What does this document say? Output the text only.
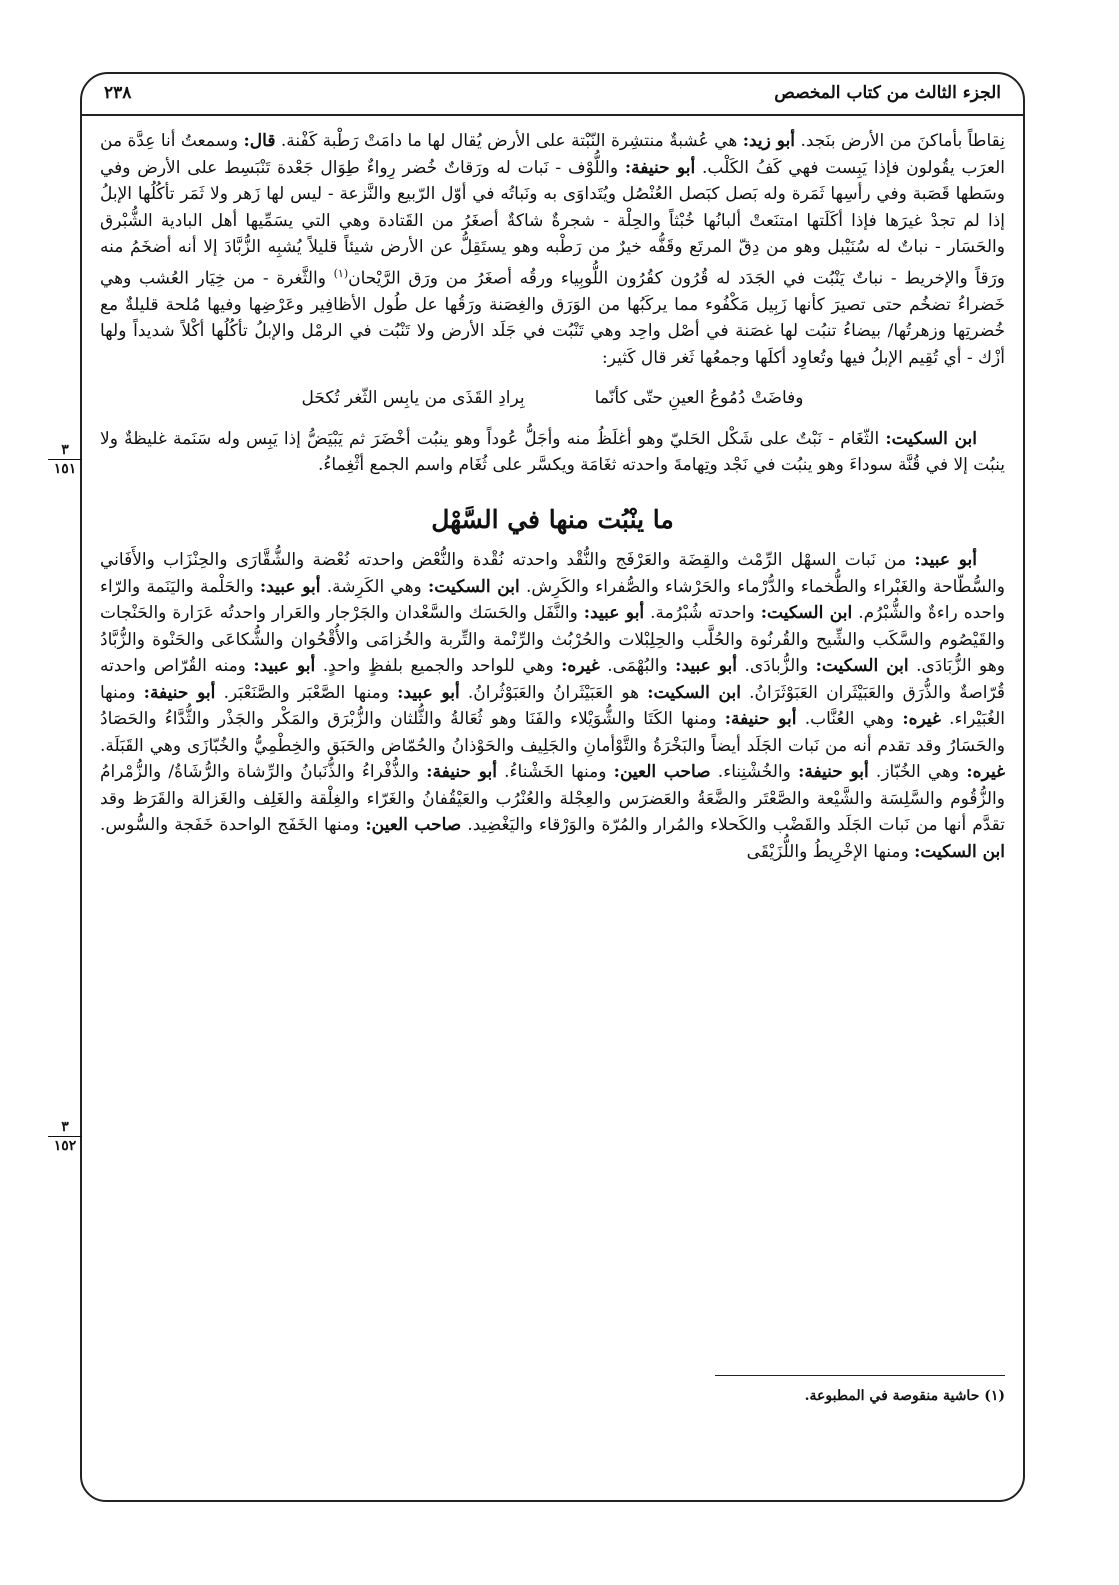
الجزء الثالث من كتاب المخصص
٢٣٨
٣
١٥١
٣
١٥٢

نِقاطاً بأماكنَ من الأرض بنَجد. أبو زيد: هي عُشبةٌ منتشِرة النّبْتة على الأرض يُقال لها ما دامَتْ رَطْبة كَفْنة. قال: وسمعتُ أنا عِدَّة من العرَب يقُولون فإذا يَبِست فهي كَفُ الكَلْب. أبو حنيفة: واللُّوْف - نَبات له ورَقاتٌ خُضر رِواءٌ طِوَال جَعْدة تَنْبَسِط على الأرض وفي وسَطها قَصَبة وفي رأسِها ثَمَرة وله بَصل كبَصل العُنْصُل ويُتَداوَى به ونَباتُه في أوّل الرّبيع والنَّزعة - ليس لها زَهر ولا ثَمَر تأكُلُها الإبلُ إذا لم تجدْ غيرَها فإذا أكَلَتها امتنَعتْ ألبانُها خُبْثاً والحِلْة - شجرةٌ شاكةٌ أصغَرُ من القَتادة وهي التي يسَمِّيها أهل البادية الشُّبْرق والحَسَار - نباتٌ له سُنَيْبل وهو من دِقّ المرتَع وقَفُّه خيرٌ من رَطْبه وهو يستَقِلُّ عن الأرض شيئاً قليلاً يُشبِه الزُّبَّادَ إلا أنه أضخَمُ منه ورَقاً والإخريط - نباتٌ يَنْبُت في الجَدَد له قُرُون كقُرُون اللُّوبِياء ورقُه أصغَرُ من ورَق الرَّيْحان$^{(١)}$ والثَّغرة - من خِيَار العُشب وهي خَضراءُ تضخُم حتى تصيرَ كأنها زَبِيل مَكْفُوء مما يركَبُها من الوَرَق والغِصَنة ورَقُها عل طُول الأظافِير وعَرْضِها وفيها مُلحة قليلةٌ مع خُضرتِها وزهرتُها/ بيضاءُ تنبُت لها غصَنة في أصْل واحِد وهي تَنْبُت في جَلَد الأرض ولا تَنْبُت في الرمْل والإبلُ تأكُلُها أكْلاً شديداً ولها أزْك - أي تُقِيم الإبلُ فيها وتُعاوِد أكلَها وجمعُها ثَغر قال كَثير:

وفاضَتْ دُمُوعُ العينِ حتّى كأنّما
بِرادِ القَذَى من يابِس الثّغر تُكحَل

ابن السكيت: الثّغَام - نَبْتٌ على شَكْل الحَليّ وهو أغلَظُ منه وأجَلُّ عُوداً وهو ينبُت أخْضَرَ ثم يَبْيَضُّ إذا يَبِس وله سَنَمة غليظةٌ ولا ينبُت إلا في قُنَّة سوداءَ وهو ينبُت في نَجْد وتِهامةَ واحدته ثغَامَة ويكسَّر على ثُغَام واسم الجمع أثْغِماءُ.

ما ينْبُت منها في السَّهْل

أبو عبيد: من نَبات السهْل الرِّمْث والقِضَة والعَرْفَج والنُّقْد واحدته نُقْدة والنُّعْض واحدته نُعْضة والشُّقَّارَى والحِنْزَاب والأَفَاني والسُّطّاحة والغَبْراء والطُّخماء والدُّرْماء والحَرْشاء والصُّفراء والكَرِش. ابن السكيت: وهي الكَرِشة. أبو عبيد: والحَلْمة واليَنَمة والرّاء واحده راءةٌ والشُّبْرُم. ابن السكيت: واحدته شُبْرُمة. أبو عبيد: والنَّفَل والحَسَك والسَّعْدان والجَرْجار والعَرار واحدتُه عَرَارة والحَنْجات والقَيْصُوم والسَّكَب والشِّيح والقُرنُوة والحُلَّب والحِلِبْلات والحُرْبُث والرِّنْمة والتِّربة والخُزامَى والأُقْحُوان والشُّكاعَى والحَنْوة والزُّبَّادُ وهو الزُّبَادَى. ابن السكيت: والزُّبادَى. أبو عبيد: والبُهْمَى. غيره: وهي للواحد والجميع بلفظٍ واحدٍ. أبو عبيد: ومنه القُرّاص واحدته قُرّاصةٌ والذُّرَق والعَبَيْثَران العَبَوْثَرَانُ. ابن السكيت: هو العَبَيْثَرانُ والعَبَوْثُرانُ. أبو عبيد: ومنها الصَّعْبَر والصَّنَعْبَر. أبو حنيفة: ومنها الغُبَيْراء. غيره: وهي العُنَّاب. أبو حنيفة: ومنها الكَتَا والشُّوَيْلاء والفَنَا وهو ثُعَالةُ والثُّلثان والزُّبْرَق والمَكْر والجَذْر والثُّدَّاءُ والحَصَادُ والحَسَارُ وقد تقدم أنه من نَبات الجَلَد أيضاً والبَخْرَةُ والتَّوْأمانِ والجَلِيف والحَوْذانُ والحُمّاض والحَبَق والخِطْمِيُّ والخُبّازَى وهي القَبَلَة. غيره: وهي الخُبّاز. أبو حنيفة: والخُشْنِناء. صاحب العين: ومنها الخَشْناءُ. أبو حنيفة: والذُّفْراءُ والذُّنَبانُ والرِّشاة والرُّشَاةُ/ والزُّمْرامُ والزُّقُوم والسَّلِسَة والشَّيْعة والصَّعْتَر والضَّعَةُ والعَضرَس والعِجْلة والعُنْرُب والعَيْقُفانُ والغَرّاء والغِلْقة والغَلِف والغَزالة والقَرَظ وقد تقدَّم أنها من نَبات الجَلَد والقَضْب والكَحلاء والمُرار والمُرّة والوَرْقاء واليَغْضِيد. صاحب العين: ومنها الخَفَج الواحدة خَفَجة والسُّوس. ابن السكيت: ومنها الإخْرِيطُ واللُّزَيْقَى

(١) حاشية منقوصة في المطبوعة.
